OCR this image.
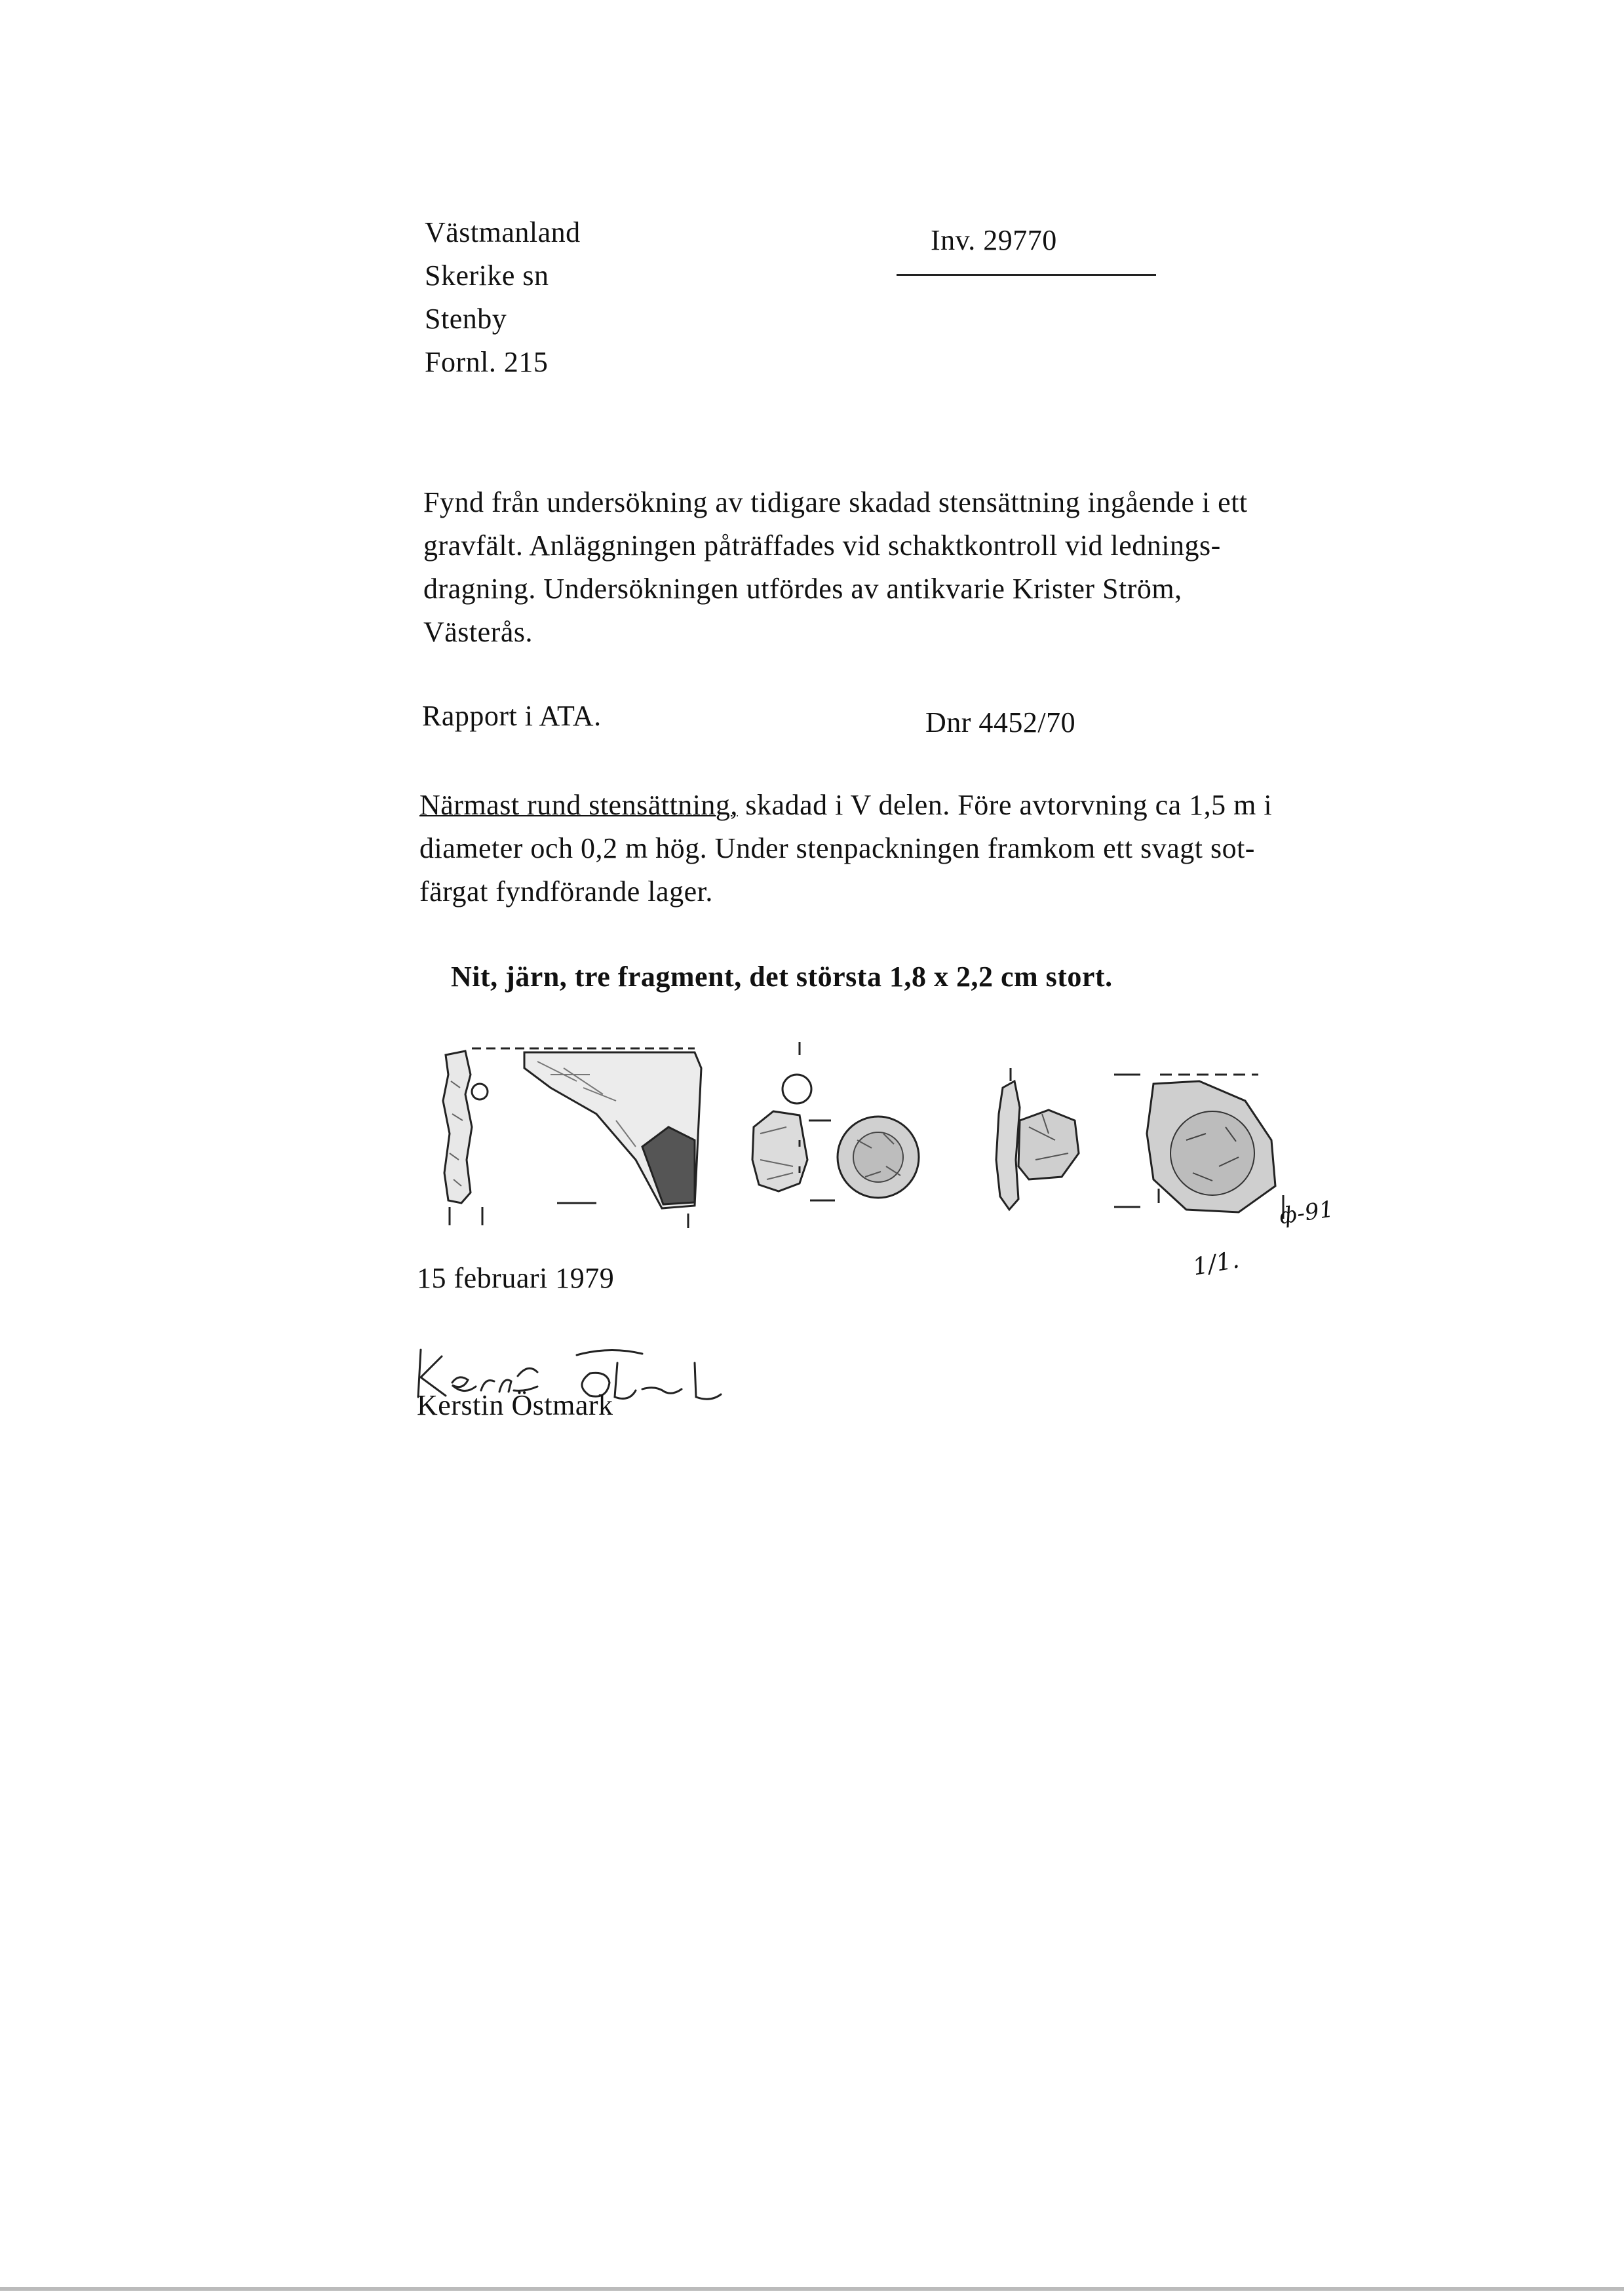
Västmanland
Skerike sn
Stenby
Fornl. 215
Inv. 29770
Fynd från undersökning av tidigare skadad stensättning ingående i ett
gravfält. Anläggningen påträffades vid schaktkontroll vid lednings-
dragning. Undersökningen utfördes av antikvarie Krister Ström,
Västerås.
Rapport i ATA.	Dnr 4452/70
Närmast rund stensättning, skadad i V delen. Före avtorvning ca 1,5 m i
diameter och 0,2 m hög. Under stenpackningen framkom ett svagt sot-
färgat fyndförande lager.
Nit, järn, tre fragment, det största 1,8 x 2,2 cm stort.
ф-91
1/1.
15 februari 1979
Kerstin Östmark
